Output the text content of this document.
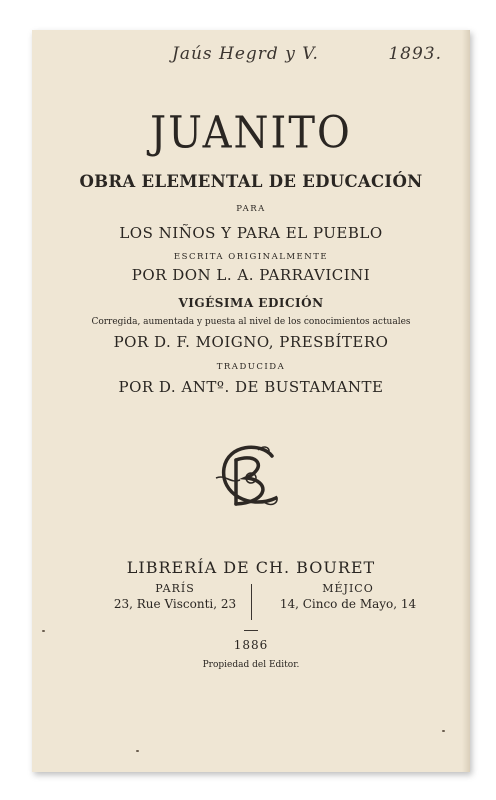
Jaús Hegrd y V.	1893.
JUANITO
OBRA ELEMENTAL DE EDUCACIÓN
PARA
LOS NIÑOS Y PARA EL PUEBLO
ESCRITA ORIGINALMENTE
POR DON L. A. PARRAVICINI
VIGÉSIMA EDICIÓN
Corregida, aumentada y puesta al nivel de los conocimientos actuales
POR D. F. MOIGNO, PRESBÍTERO
TRADUCIDA
POR D. ANTº. DE BUSTAMANTE
LIBRERÍA DE CH. BOURET
PARÍS
23, Rue Visconti, 23
MÉJICO
14, Cinco de Mayo, 14
1886
Propiedad del Editor.
